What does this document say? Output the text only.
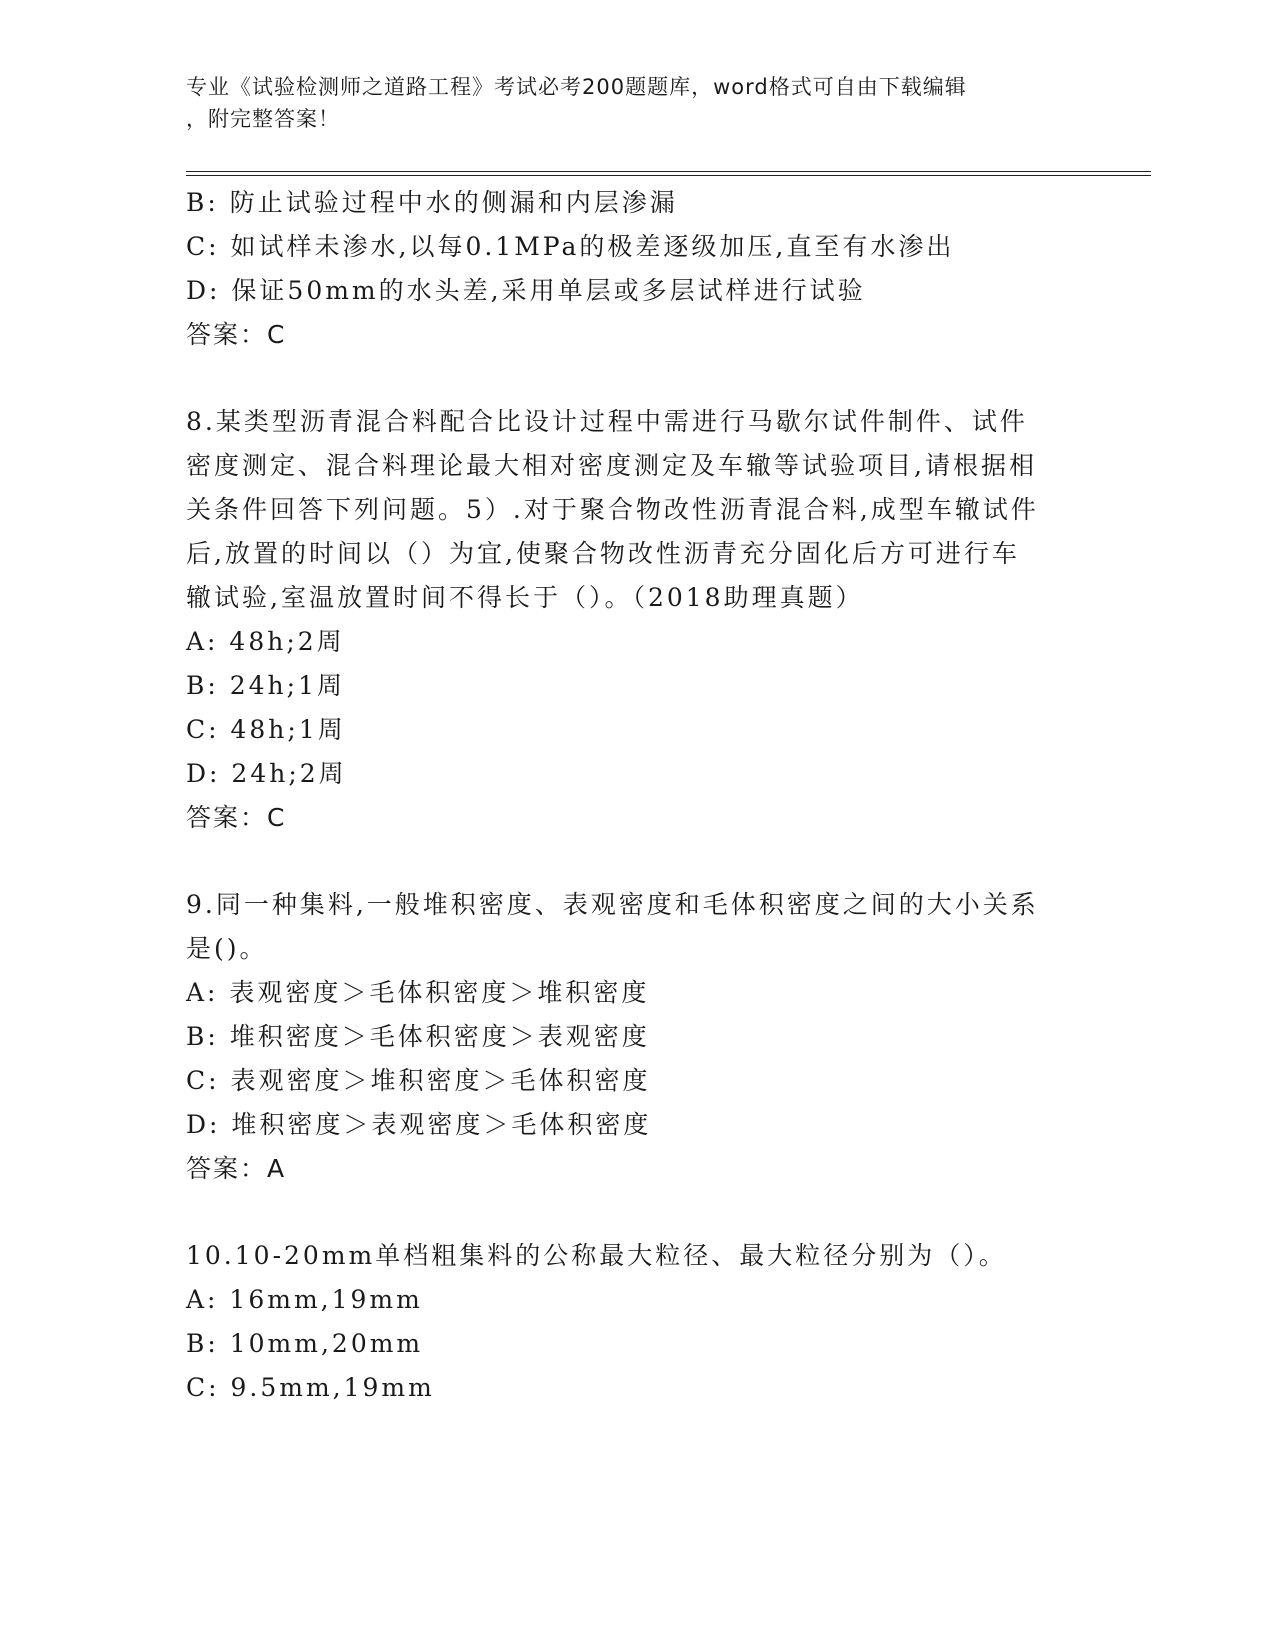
专业《试验检测师之道路工程》考试必考200题题库，word格式可自由下载编辑
，附完整答案！
B: 防止试验过程中水的侧漏和内层渗漏
C: 如试样未渗水,以每0.1MPa的极差逐级加压,直至有水渗出
D: 保证50mm的水头差,采用单层或多层试样进行试验
答案：C
8.某类型沥青混合料配合比设计过程中需进行马歇尔试件制件、试件
密度测定、混合料理论最大相对密度测定及车辙等试验项目,请根据相
关条件回答下列问题。5）.对于聚合物改性沥青混合料,成型车辙试件
后,放置的时间以（）为宜,使聚合物改性沥青充分固化后方可进行车
辙试验,室温放置时间不得长于（）。（2018助理真题）
A: 48h;2周
B: 24h;1周
C: 48h;1周
D: 24h;2周
答案：C
9.同一种集料,一般堆积密度、表观密度和毛体积密度之间的大小关系
是()。
A: 表观密度＞毛体积密度＞堆积密度
B: 堆积密度＞毛体积密度＞表观密度
C: 表观密度＞堆积密度＞毛体积密度
D: 堆积密度＞表观密度＞毛体积密度
答案：A
10.10-20mm单档粗集料的公称最大粒径、最大粒径分别为（）。
A: 16mm,19mm
B: 10mm,20mm
C: 9.5mm,19mm
